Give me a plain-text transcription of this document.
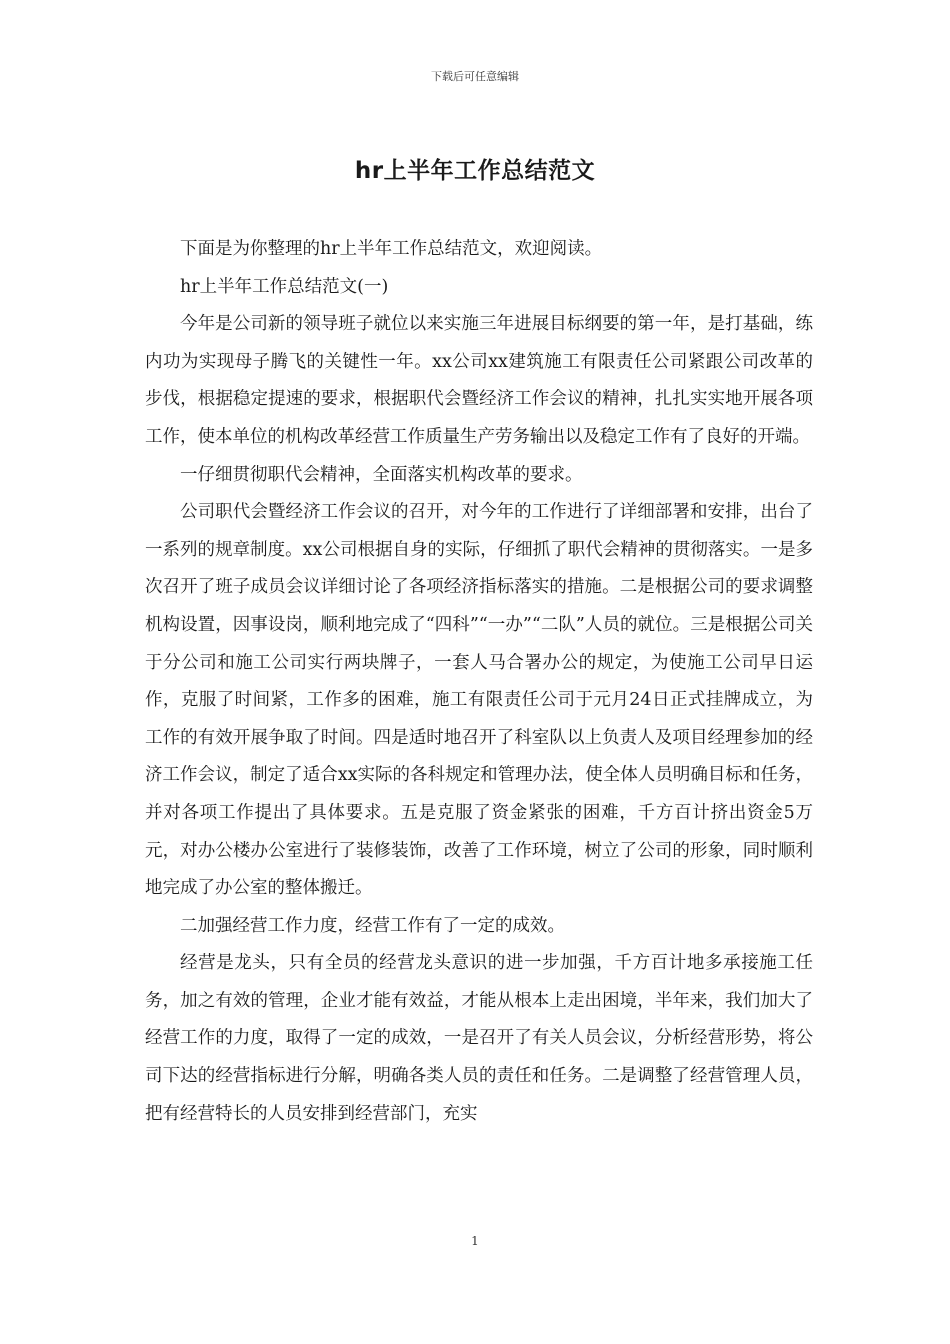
下载后可任意编辑
hr上半年工作总结范文

下面是为你整理的hr上半年工作总结范文，欢迎阅读。

hr上半年工作总结范文(一)

今年是公司新的领导班子就位以来实施三年进展目标纲要的第一年，是打基础，练内功为实现母子腾飞的关键性一年。xx公司xx建筑施工有限责任公司紧跟公司改革的步伐，根据稳定提速的要求，根据职代会暨经济工作会议的精神，扎扎实实地开展各项工作，使本单位的机构改革经营工作质量生产劳务输出以及稳定工作有了良好的开端。

一仔细贯彻职代会精神，全面落实机构改革的要求。

公司职代会暨经济工作会议的召开，对今年的工作进行了详细部署和安排，出台了一系列的规章制度。xx公司根据自身的实际，仔细抓了职代会精神的贯彻落实。一是多次召开了班子成员会议详细讨论了各项经济指标落实的措施。二是根据公司的要求调整机构设置，因事设岗，顺利地完成了“四科”“一办”“二队”人员的就位。三是根据公司关于分公司和施工公司实行两块牌子，一套人马合署办公的规定，为使施工公司早日运作，克服了时间紧，工作多的困难，施工有限责任公司于元月24日正式挂牌成立，为工作的有效开展争取了时间。四是适时地召开了科室队以上负责人及项目经理参加的经济工作会议，制定了适合xx实际的各科规定和管理办法，使全体人员明确目标和任务，并对各项工作提出了具体要求。五是克服了资金紧张的困难，千方百计挤出资金5万元，对办公楼办公室进行了装修装饰，改善了工作环境，树立了公司的形象，同时顺利地完成了办公室的整体搬迁。

二加强经营工作力度，经营工作有了一定的成效。

经营是龙头，只有全员的经营龙头意识的进一步加强，千方百计地多承接施工任务，加之有效的管理，企业才能有效益，才能从根本上走出困境，半年来，我们加大了经营工作的力度，取得了一定的成效，一是召开了有关人员会议，分析经营形势，将公司下达的经营指标进行分解，明确各类人员的责任和任务。二是调整了经营管理人员，把有经营特长的人员安排到经营部门，充实

1
